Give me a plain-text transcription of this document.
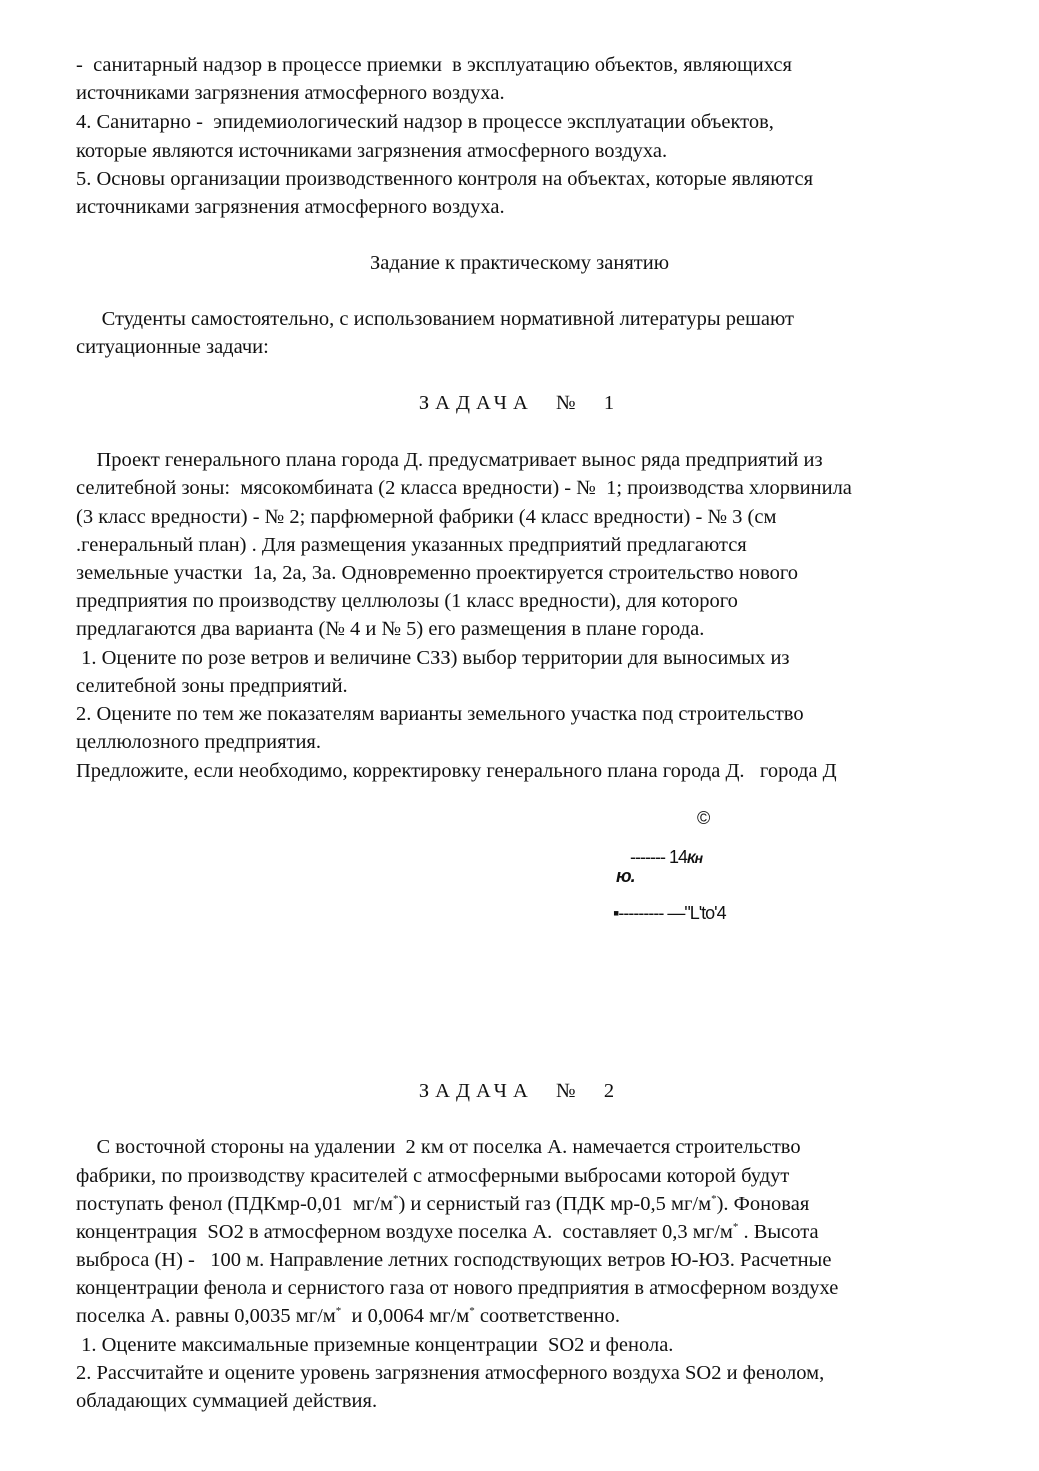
-  санитарный надзор в процессе приемки  в эксплуатацию объектов, являющихся
источниками загрязнения атмосферного воздуха.
4. Санитарно -  эпидемиологический надзор в процессе эксплуатации объектов,
которые являются источниками загрязнения атмосферного воздуха.
5. Основы организации производственного контроля на объектах, которые являются
источниками загрязнения атмосферного воздуха.
Задание к практическому занятию
Студенты самостоятельно, с использованием нормативной литературы решают
ситуационные задачи:
ЗАДАЧА  №  1
Проект генерального плана города Д. предусматривает вынос ряда предприятий из
селитебной зоны:  мясокомбината (2 класса вредности) - №  1; производства хлорвинила
(3 класс вредности) - № 2; парфюмерной фабрики (4 класс вредности) - № 3 (см
.генеральный план) . Для размещения указанных предприятий предлагаются
земельные участки  1а, 2а, 3а. Одновременно проектируется строительство нового
предприятия по производству целлюлозы (1 класс вредности), для которого
предлагаются два варианта (№ 4 и № 5) его размещения в плане города.
1. Оцените по розе ветров и величине СЗЗ) выбор территории для выносимых из
селитебной зоны предприятий.
2. Оцените по тем же показателям варианты земельного участка под строительство
целлюлозного предприятия.
Предложите, если необходимо, корректировку генерального плана города Д.   города Д
©

------- 14Кн

ю.
▪--------- —"L'to'4
ЗАДАЧА  №  2
С восточной стороны на удалении  2 км от поселка А. намечается строительство
фабрики, по производству красителей с атмосферными выбросами которой будут
поступать фенол (ПДКмр-0,01  мг/м*) и сернистый газ (ПДК мр-0,5 мг/м*). Фоновая
концентрация  SO2 в атмосферном воздухе поселка А.  составляет 0,3 мг/м* . Высота
выброса (Н) -   100 м. Направление летних господствующих ветров Ю-ЮЗ. Расчетные
концентрации фенола и сернистого газа от нового предприятия в атмосферном воздухе
поселка А. равны 0,0035 мг/м*  и 0,0064 мг/м* соответственно.
1. Оцените максимальные приземные концентрации  SO2 и фенола.
2. Рассчитайте и оцените уровень загрязнения атмосферного воздуха SO2 и фенолом,
обладающих суммацией действия.
